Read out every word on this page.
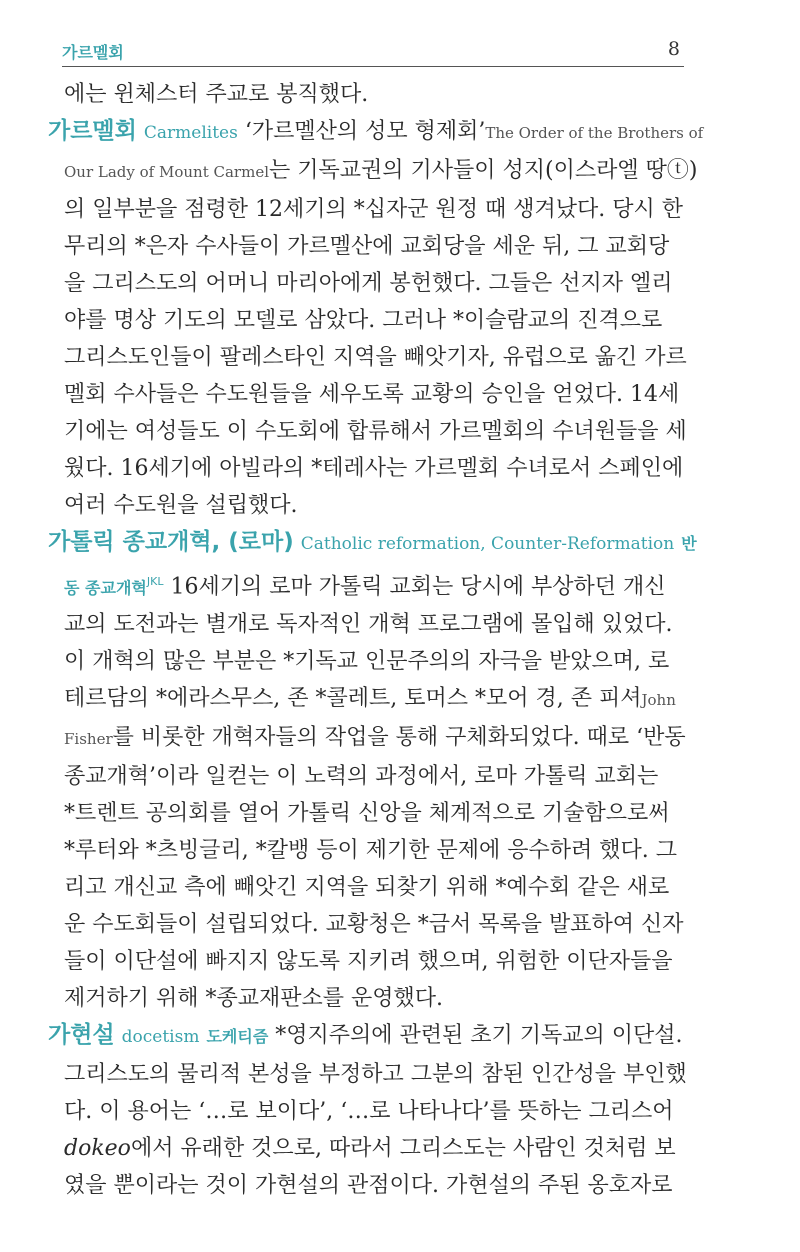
가르멜회	8
에는 윈체스터 주교로 봉직했다.
가르멜회 Carmelites ‘가르멜산의 성모 형제회’The Order of the Brothers of
Our Lady of Mount Carmel는 기독교권의 기사들이 성지(이스라엘 땅ⓣ)
의 일부분을 점령한 12세기의 *십자군 원정 때 생겨났다. 당시 한
무리의 *은자 수사들이 가르멜산에 교회당을 세운 뒤, 그 교회당
을 그리스도의 어머니 마리아에게 봉헌했다. 그들은 선지자 엘리
야를 명상 기도의 모델로 삼았다. 그러나 *이슬람교의 진격으로
그리스도인들이 팔레스타인 지역을 빼앗기자, 유럽으로 옮긴 가르
멜회 수사들은 수도원들을 세우도록 교황의 승인을 얻었다. 14세
기에는 여성들도 이 수도회에 합류해서 가르멜회의 수녀원들을 세
웠다. 16세기에 아빌라의 *테레사는 가르멜회 수녀로서 스페인에
여러 수도원을 설립했다.
가톨릭 종교개혁, (로마) Catholic reformation, Counter-Reformation 반
동 종교개혁$^{JKL}$ 16세기의 로마 가톨릭 교회는 당시에 부상하던 개신
교의 도전과는 별개로 독자적인 개혁 프로그램에 몰입해 있었다.
이 개혁의 많은 부분은 *기독교 인문주의의 자극을 받았으며, 로
테르담의 *에라스무스, 존 *콜레트, 토머스 *모어 경, 존 피셔John
Fisher를 비롯한 개혁자들의 작업을 통해 구체화되었다. 때로 ‘반동
종교개혁’이라 일컫는 이 노력의 과정에서, 로마 가톨릭 교회는
*트렌트 공의회를 열어 가톨릭 신앙을 체계적으로 기술함으로써
*루터와 *츠빙글리, *칼뱅 등이 제기한 문제에 응수하려 했다. 그
리고 개신교 측에 빼앗긴 지역을 되찾기 위해 *예수회 같은 새로
운 수도회들이 설립되었다. 교황청은 *금서 목록을 발표하여 신자
들이 이단설에 빠지지 않도록 지키려 했으며, 위험한 이단자들을
제거하기 위해 *종교재판소를 운영했다.
가현설 docetism 도케티즘 *영지주의에 관련된 초기 기독교의 이단설.
그리스도의 물리적 본성을 부정하고 그분의 참된 인간성을 부인했
다. 이 용어는 ‘…로 보이다’, ‘…로 나타나다’를 뜻하는 그리스어
dokeo에서 유래한 것으로, 따라서 그리스도는 사람인 것처럼 보
였을 뿐이라는 것이 가현설의 관점이다. 가현설의 주된 옹호자로
